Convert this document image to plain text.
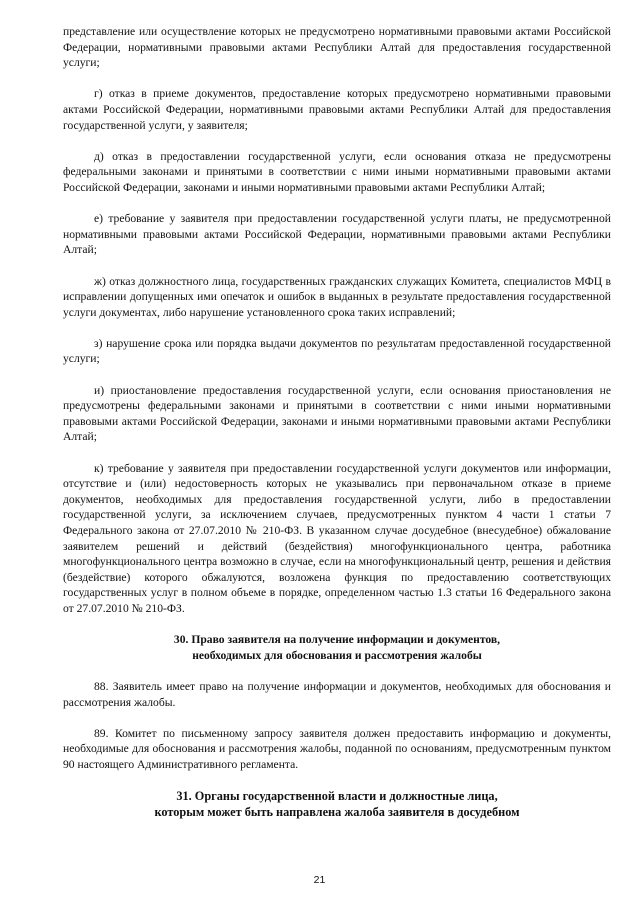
представление или осуществление которых не предусмотрено нормативными правовыми актами Российской Федерации, нормативными правовыми актами Республики Алтай для предоставления государственной услуги;

г) отказ в приеме документов, предоставление которых предусмотрено нормативными правовыми актами Российской Федерации, нормативными правовыми актами Республики Алтай для предоставления государственной услуги, у заявителя;

д) отказ в предоставлении государственной услуги, если основания отказа не предусмотрены федеральными законами и принятыми в соответствии с ними иными нормативными правовыми актами Российской Федерации, законами и иными нормативными правовыми актами Республики Алтай;

е) требование у заявителя при предоставлении государственной услуги платы, не предусмотренной нормативными правовыми актами Российской Федерации, нормативными правовыми актами Республики Алтай;

ж) отказ должностного лица, государственных гражданских служащих Комитета, специалистов МФЦ в исправлении допущенных ими опечаток и ошибок в выданных в результате предоставления государственной услуги документах, либо нарушение установленного срока таких исправлений;

з) нарушение срока или порядка выдачи документов по результатам предоставленной государственной услуги;

и) приостановление предоставления государственной услуги, если основания приостановления не предусмотрены федеральными законами и принятыми в соответствии с ними иными нормативными правовыми актами Российской Федерации, законами и иными нормативными правовыми актами Республики Алтай;

к) требование у заявителя при предоставлении государственной услуги документов или информации, отсутствие и (или) недостоверность которых не указывались при первоначальном отказе в приеме документов, необходимых для предоставления государственной услуги, либо в предоставлении государственной услуги, за исключением случаев, предусмотренных пунктом 4 части 1 статьи 7 Федерального закона от 27.07.2010 № 210-ФЗ. В указанном случае досудебное (внесудебное) обжалование заявителем решений и действий (бездействия) многофункционального центра, работника многофункционального центра возможно в случае, если на многофункциональный центр, решения и действия (бездействие) которого обжалуются, возложена функция по предоставлению соответствующих государственных услуг в полном объеме в порядке, определенном частью 1.3 статьи 16 Федерального закона от 27.07.2010 № 210-ФЗ.

30. Право заявителя на получение информации и документов,

необходимых для обоснования и рассмотрения жалобы

88. Заявитель имеет право на получение информации и документов, необходимых для обоснования и рассмотрения жалобы.

89. Комитет по письменному запросу заявителя должен предоставить информацию и документы, необходимые для обоснования и рассмотрения жалобы, поданной по основаниям, предусмотренным пунктом 90 настоящего Административного регламента.

31. Органы государственной власти и должностные лица,

которым может быть направлена жалоба заявителя в досудебном

21
